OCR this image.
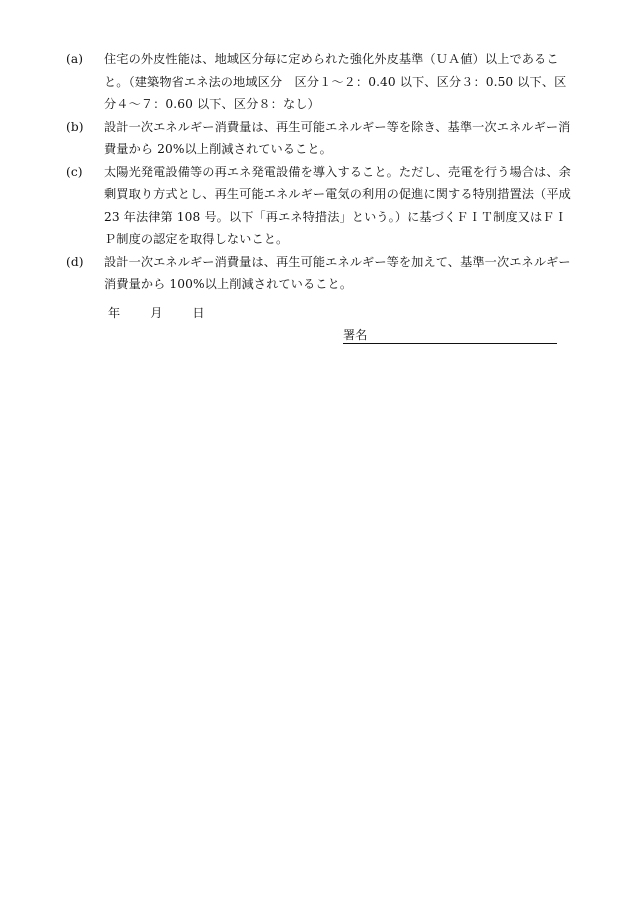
(a) 住宅の外皮性能は、地域区分毎に定められた強化外皮基準（ＵＡ値）以上であること。（建築物省エネ法の地域区分　区分１～２：0.40 以下、区分３：0.50 以下、区分４～７：0.60 以下、区分８：なし）
(b) 設計一次エネルギー消費量は、再生可能エネルギー等を除き、基準一次エネルギー消費量から 20%以上削減されていること。
(c) 太陽光発電設備等の再エネ発電設備を導入すること。ただし、売電を行う場合は、余剰買取り方式とし、再生可能エネルギー電気の利用の促進に関する特別措置法（平成 23 年法律第 108 号。以下「再エネ特措法」という。）に基づくＦＩＴ制度又はＦＩＰ制度の認定を取得しないこと。
(d) 設計一次エネルギー消費量は、再生可能エネルギー等を加えて、基準一次エネルギー消費量から 100%以上削減されていること。
年 月 日
署名
